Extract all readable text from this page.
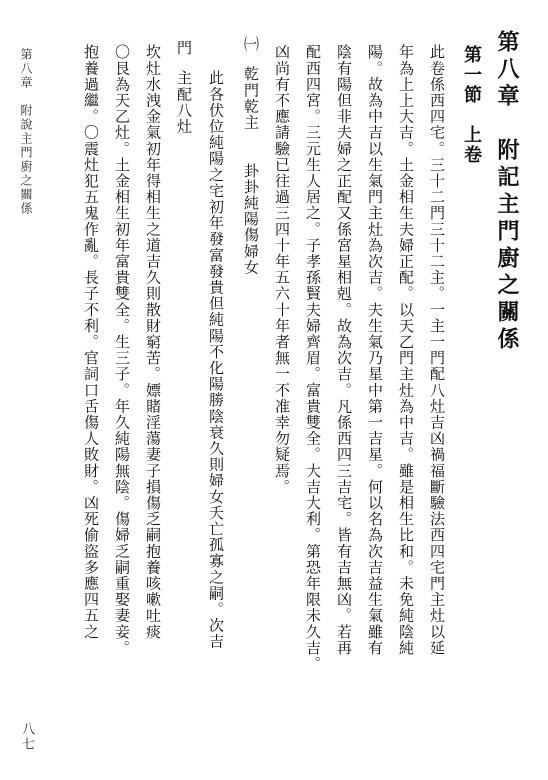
第八章　附記主門廚之關係
第一節　上卷
此卷係西四宅。三十二門三十二主。一主一門配八灶吉凶禍福斷驗法西四宅門主灶以延
年為上上大吉。土金相生夫婦正配。以天乙門主灶為中吉。雖是相生比和。未免純陰純
陽。故為中吉以生氣門主灶為次吉。夫生氣乃星中第一吉星。何以名為次吉益生氣雖有
陰有陽但非夫婦之正配又係宮星相剋。故為次吉。凡係西四三吉宅。皆有吉無凶。若再
配西四宮。三元生人居之。子孝孫賢夫婦齊眉。富貴雙全。大吉大利。第恐年限未久吉。
凶尚有不應請驗已往過三四十年五六十年者無一不准幸勿疑焉。
㈠
乾門乾主　　卦卦純陽傷婦女
此各伏位純陽之宅初年發富發貴但純陽不化陽勝陰衰久則婦女夭亡孤寡之嗣。次吉
門
主配八灶
坎灶水洩金氣初年得相生之道吉久則散財窮苦。嫖賭淫蕩妻子損傷乏嗣抱養咳嗽吐痰
〇艮為天乙灶。土金相生初年富貴雙全。生三子。年久純陽無陰。傷婦乏嗣重娶妻妾。
抱養過繼。〇震灶犯五鬼作亂。長子不利。官詞口舌傷人敗財。凶死偷盜多應四五之
第八章　附說主門廚之關係
八七
